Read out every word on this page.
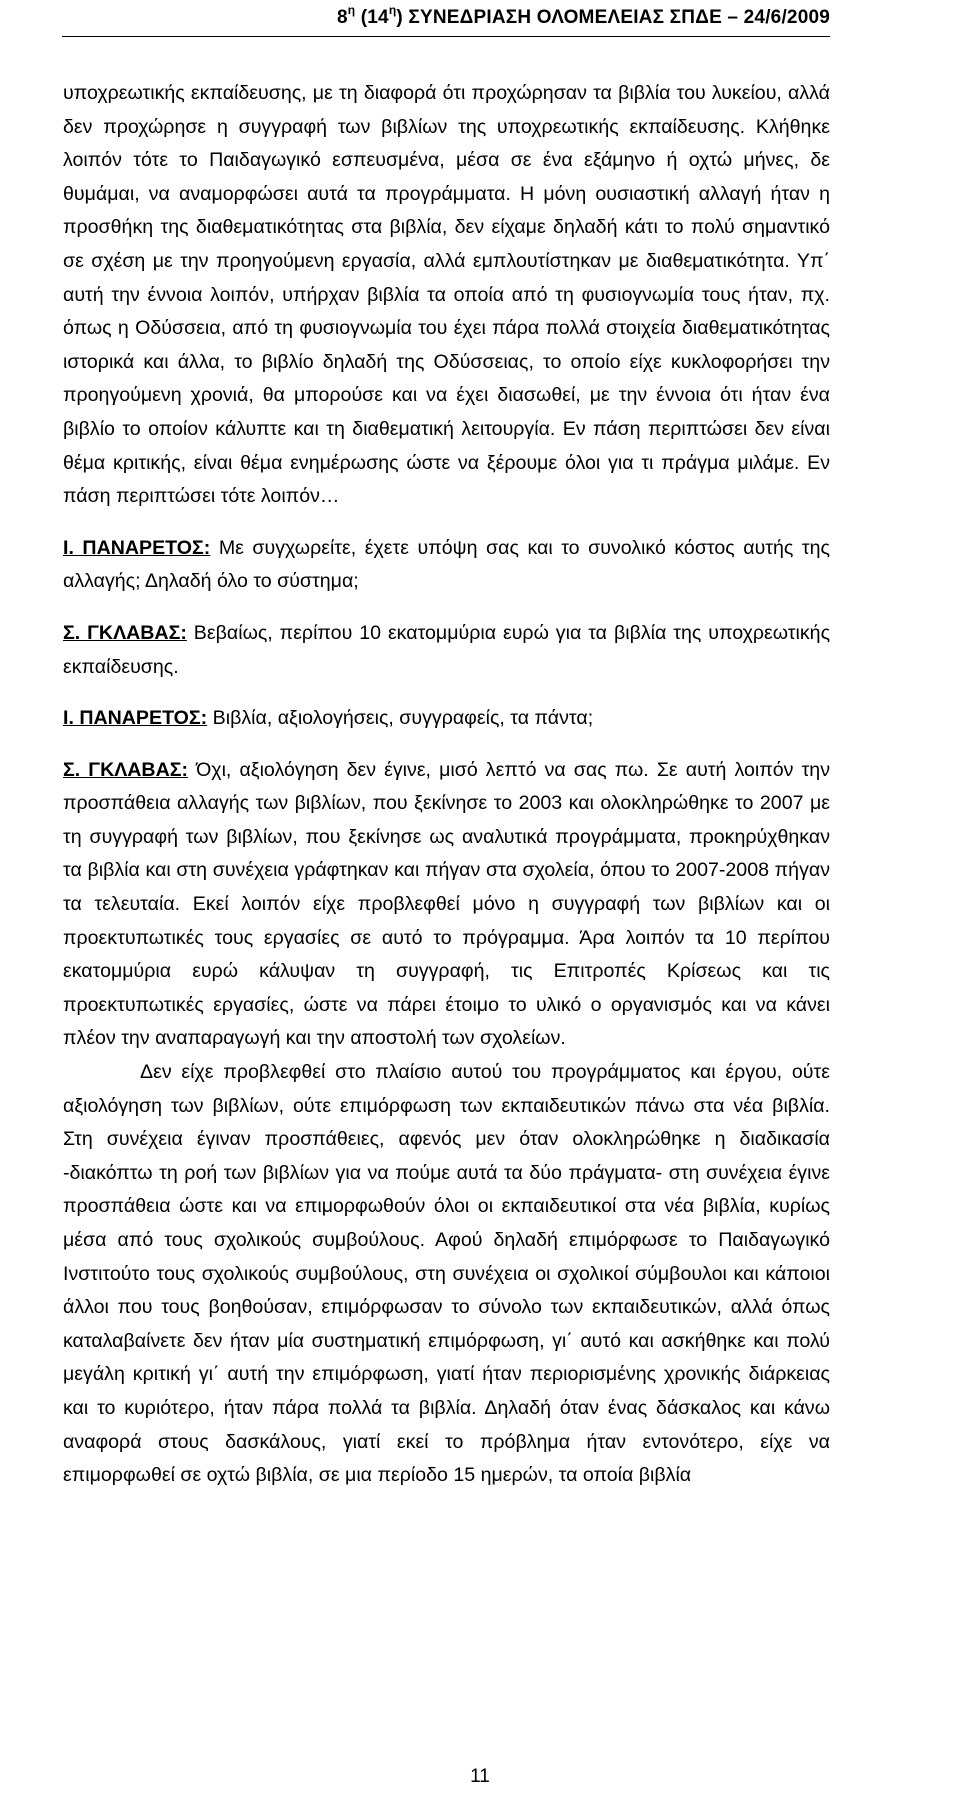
$8^\eta$ $(14^\eta)$ ΣΥΝΕΔΡΙΑΣΗ ΟΛΟΜΕΛΕΙΑΣ ΣΠΔΕ – 24/6/2009

υποχρεωτικής εκπαίδευσης, με τη διαφορά ότι προχώρησαν τα βιβλία του λυκείου, αλλά δεν προχώρησε η συγγραφή των βιβλίων της υποχρεωτικής εκπαίδευσης. Κλήθηκε λοιπόν τότε το Παιδαγωγικό εσπευσμένα, μέσα σε ένα εξάμηνο ή οχτώ μήνες, δε θυμάμαι, να αναμορφώσει αυτά τα προγράμματα. Η μόνη ουσιαστική αλλαγή ήταν η προσθήκη της διαθεματικότητας στα βιβλία, δεν είχαμε δηλαδή κάτι το πολύ σημαντικό σε σχέση με την προηγούμενη εργασία, αλλά εμπλουτίστηκαν με διαθεματικότητα. Υπ΄ αυτή την έννοια λοιπόν, υπήρχαν βιβλία τα οποία από τη φυσιογνωμία τους ήταν, πχ. όπως η Οδύσσεια, από τη φυσιογνωμία του έχει πάρα πολλά στοιχεία διαθεματικότητας ιστορικά και άλλα, το βιβλίο δηλαδή της Οδύσσειας, το οποίο είχε κυκλοφορήσει την προηγούμενη χρονιά, θα μπορούσε και να έχει διασωθεί, με την έννοια ότι ήταν ένα βιβλίο το οποίον κάλυπτε και τη διαθεματική λειτουργία. Εν πάση περιπτώσει δεν είναι θέμα κριτικής, είναι θέμα ενημέρωσης ώστε να ξέρουμε όλοι για τι πράγμα μιλάμε. Εν πάση περιπτώσει τότε λοιπόν…

Ι. ΠΑΝΑΡΕΤΟΣ: Με συγχωρείτε, έχετε υπόψη σας και το συνολικό κόστος αυτής της αλλαγής; Δηλαδή όλο το σύστημα;

Σ. ΓΚΛΑΒΑΣ: Βεβαίως, περίπου 10 εκατομμύρια ευρώ για τα βιβλία της υποχρεωτικής εκπαίδευσης.

Ι. ΠΑΝΑΡΕΤΟΣ: Βιβλία, αξιολογήσεις, συγγραφείς, τα πάντα;

Σ. ΓΚΛΑΒΑΣ: Όχι, αξιολόγηση δεν έγινε, μισό λεπτό να σας πω. Σε αυτή λοιπόν την προσπάθεια αλλαγής των βιβλίων, που ξεκίνησε το 2003 και ολοκληρώθηκε το 2007 με τη συγγραφή των βιβλίων, που ξεκίνησε ως αναλυτικά προγράμματα, προκηρύχθηκαν τα βιβλία και στη συνέχεια γράφτηκαν και πήγαν στα σχολεία, όπου το 2007-2008 πήγαν τα τελευταία. Εκεί λοιπόν είχε προβλεφθεί μόνο η συγγραφή των βιβλίων και οι προεκτυπωτικές τους εργασίες σε αυτό το πρόγραμμα. Άρα λοιπόν τα 10 περίπου εκατομμύρια ευρώ κάλυψαν τη συγγραφή, τις Επιτροπές Κρίσεως και τις προεκτυπωτικές εργασίες, ώστε να πάρει έτοιμο το υλικό ο οργανισμός και να κάνει πλέον την αναπαραγωγή και την αποστολή των σχολείων.

Δεν είχε προβλεφθεί στο πλαίσιο αυτού του προγράμματος και έργου, ούτε αξιολόγηση των βιβλίων, ούτε επιμόρφωση των εκπαιδευτικών πάνω στα νέα βιβλία. Στη συνέχεια έγιναν προσπάθειες, αφενός μεν όταν ολοκληρώθηκε η διαδικασία -διακόπτω τη ροή των βιβλίων για να πούμε αυτά τα δύο πράγματα- στη συνέχεια έγινε προσπάθεια ώστε και να επιμορφωθούν όλοι οι εκπαιδευτικοί στα νέα βιβλία, κυρίως μέσα από τους σχολικούς συμβούλους. Αφού δηλαδή επιμόρφωσε το Παιδαγωγικό Ινστιτούτο τους σχολικούς συμβούλους, στη συνέχεια οι σχολικοί σύμβουλοι και κάποιοι άλλοι που τους βοηθούσαν, επιμόρφωσαν το σύνολο των εκπαιδευτικών, αλλά όπως καταλαβαίνετε δεν ήταν μία συστηματική επιμόρφωση, γι΄ αυτό και ασκήθηκε και πολύ μεγάλη κριτική γι΄ αυτή την επιμόρφωση, γιατί ήταν περιορισμένης χρονικής διάρκειας και το κυριότερο, ήταν πάρα πολλά τα βιβλία. Δηλαδή όταν ένας δάσκαλος και κάνω αναφορά στους δασκάλους, γιατί εκεί το πρόβλημα ήταν εντονότερο, είχε να επιμορφωθεί σε οχτώ βιβλία, σε μια περίοδο 15 ημερών, τα οποία βιβλία

11
